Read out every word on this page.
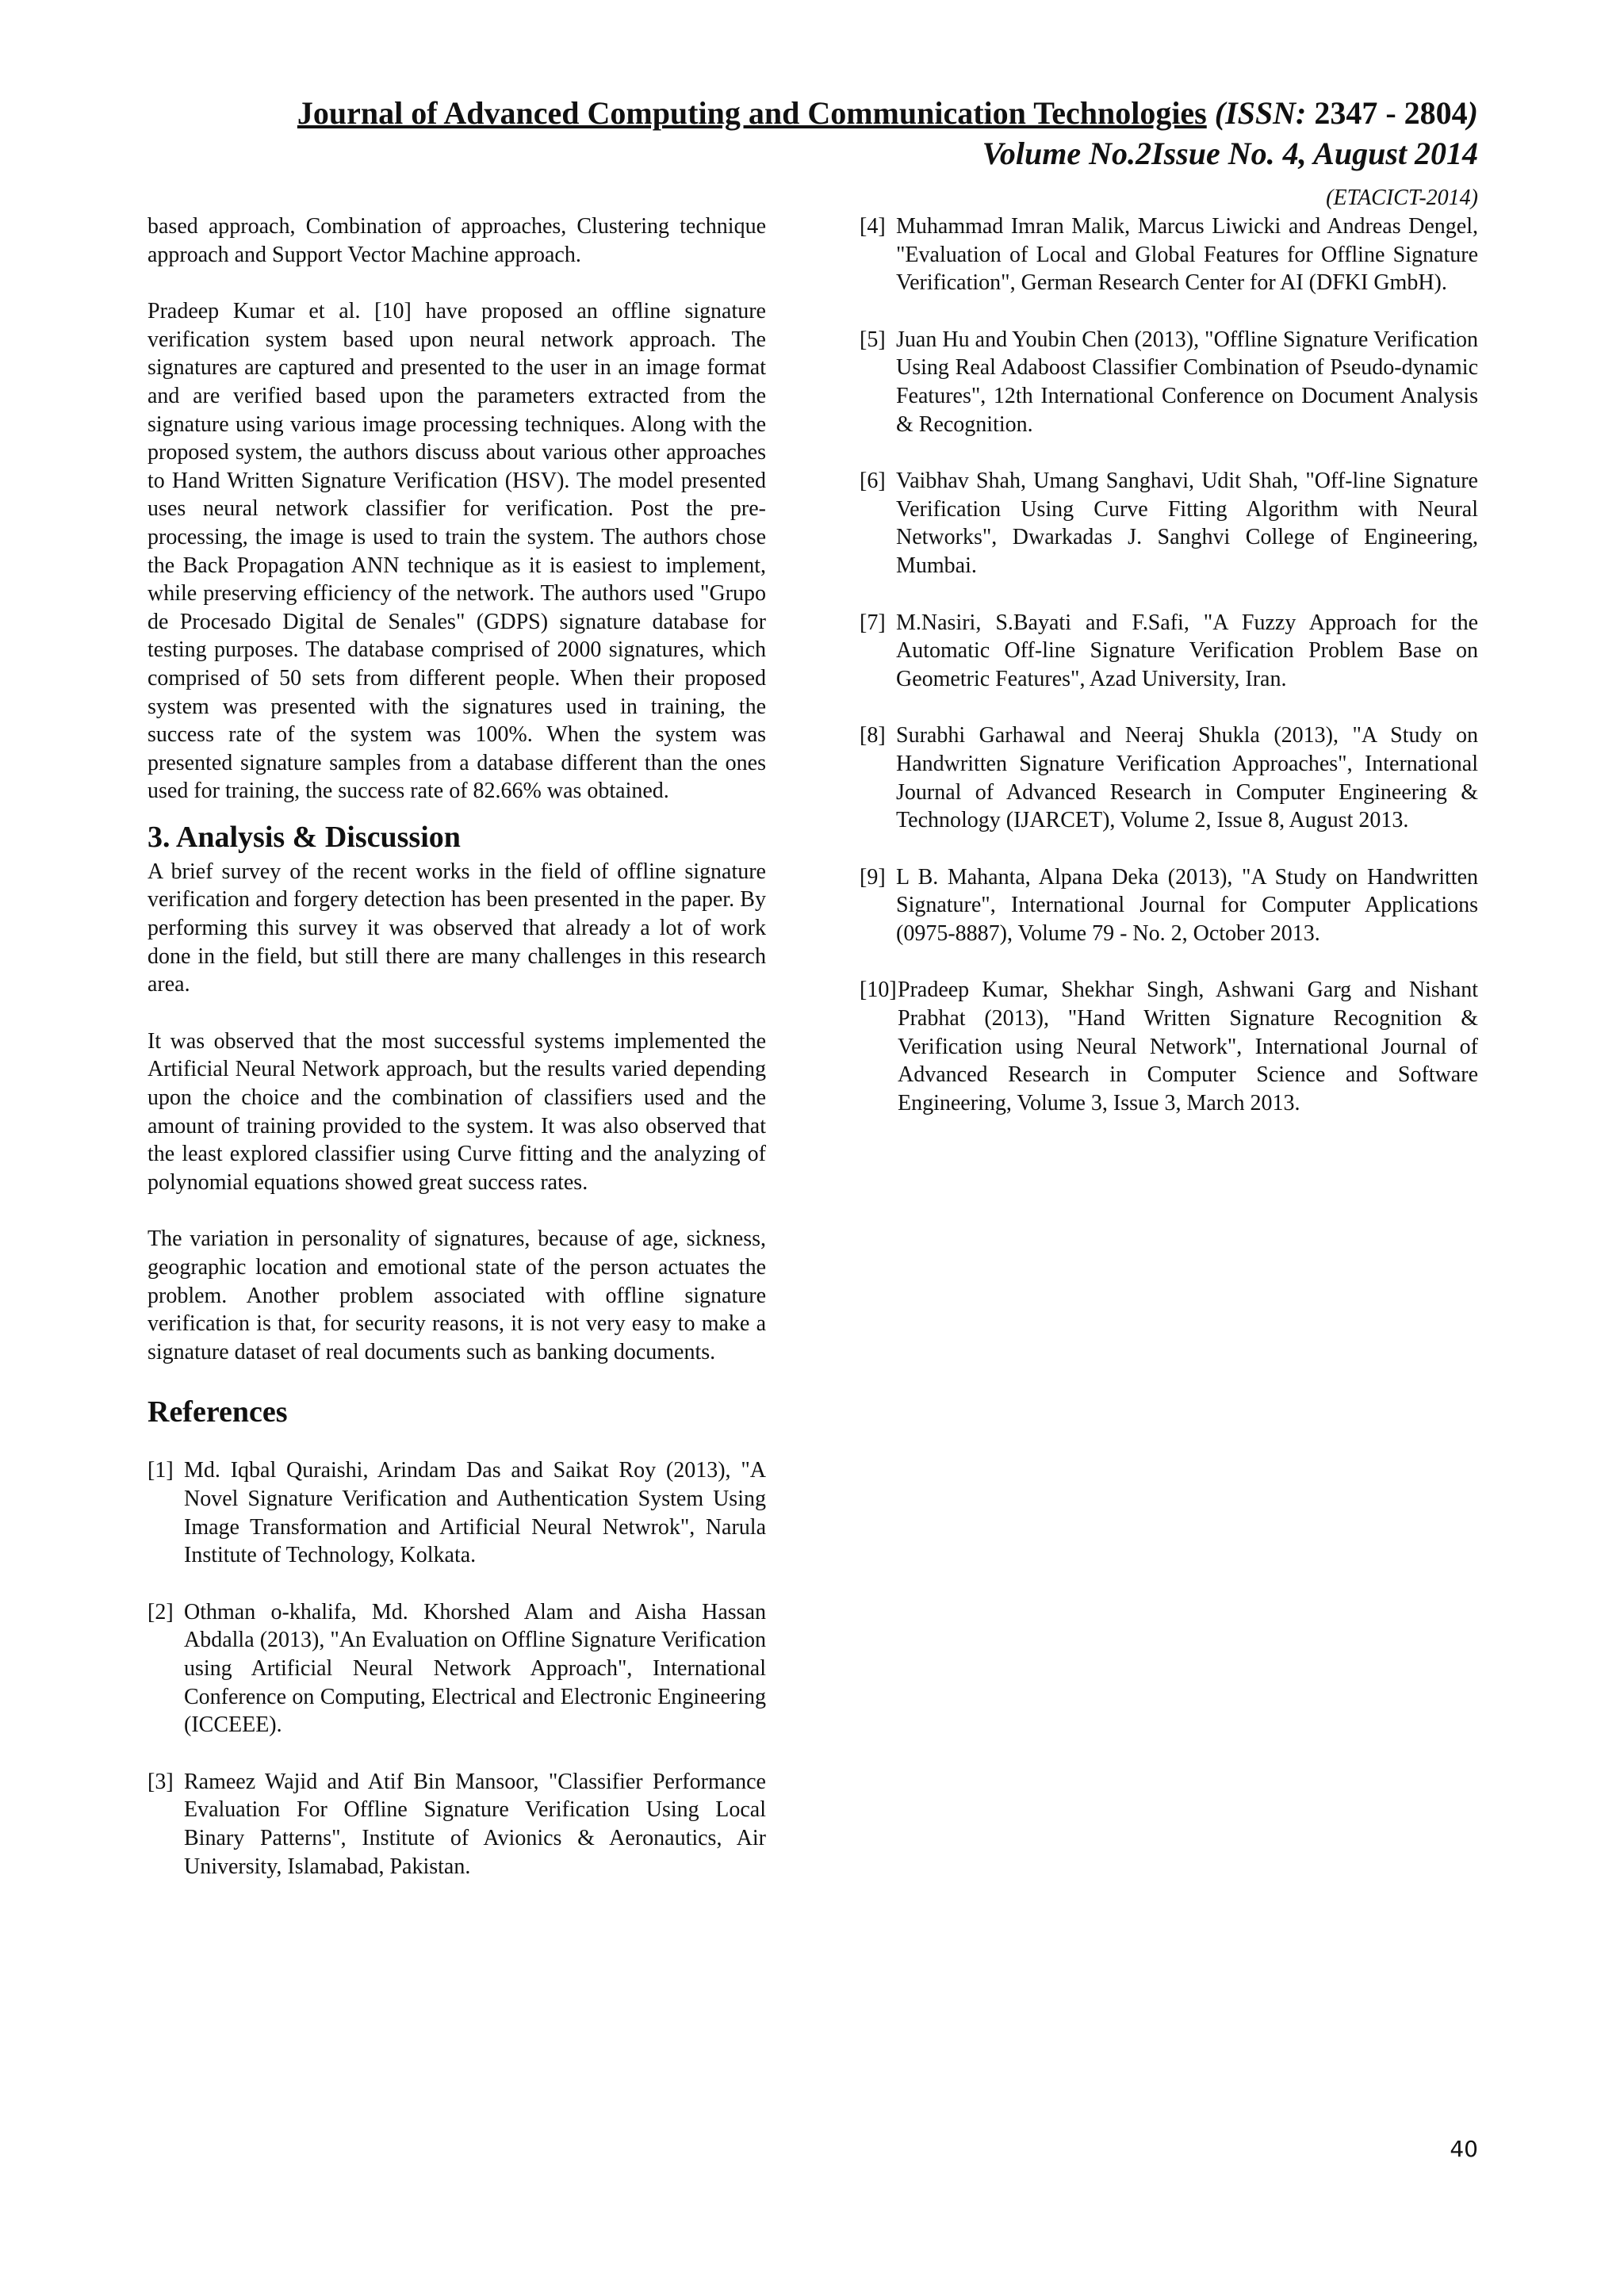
Journal of Advanced Computing and Communication Technologies (ISSN: 2347 - 2804)
Volume No.2Issue No. 4, August 2014
(ETACICT-2014)

based approach, Combination of approaches, Clustering technique approach and Support Vector Machine approach.

Pradeep Kumar et al. [10] have proposed an offline signature verification system based upon neural network approach. The signatures are captured and presented to the user in an image format and are verified based upon the parameters extracted from the signature using various image processing techniques. Along with the proposed system, the authors discuss about various other approaches to Hand Written Signature Verification (HSV). The model presented uses neural network classifier for verification. Post the pre-processing, the image is used to train the system. The authors chose the Back Propagation ANN technique as it is easiest to implement, while preserving efficiency of the network. The authors used "Grupo de Procesado Digital de Senales" (GDPS) signature database for testing purposes. The database comprised of 2000 signatures, which comprised of 50 sets from different people. When their proposed system was presented with the signatures used in training, the success rate of the system was 100%. When the system was presented signature samples from a database different than the ones used for training, the success rate of 82.66% was obtained.

3. Analysis & Discussion

A brief survey of the recent works in the field of offline signature verification and forgery detection has been presented in the paper. By performing this survey it was observed that already a lot of work done in the field, but still there are many challenges in this research area.

It was observed that the most successful systems implemented the Artificial Neural Network approach, but the results varied depending upon the choice and the combination of classifiers used and the amount of training provided to the system. It was also observed that the least explored classifier using Curve fitting and the analyzing of polynomial equations showed great success rates.

The variation in personality of signatures, because of age, sickness, geographic location and emotional state of the person actuates the problem. Another problem associated with offline signature verification is that, for security reasons, it is not very easy to make a signature dataset of real documents such as banking documents.

References
[1] Md. Iqbal Quraishi, Arindam Das and Saikat Roy (2013), "A Novel Signature Verification and Authentication System Using Image Transformation and Artificial Neural Netwrok", Narula Institute of Technology, Kolkata.
[2] Othman o-khalifa, Md. Khorshed Alam and Aisha Hassan Abdalla (2013), "An Evaluation on Offline Signature Verification using Artificial Neural Network Approach", International Conference on Computing, Electrical and Electronic Engineering (ICCEEE).
[3] Rameez Wajid and Atif Bin Mansoor, "Classifier Performance Evaluation For Offline Signature Verification Using Local Binary Patterns", Institute of Avionics & Aeronautics, Air University, Islamabad, Pakistan.
[4] Muhammad Imran Malik, Marcus Liwicki and Andreas Dengel, "Evaluation of Local and Global Features for Offline Signature Verification", German Research Center for AI (DFKI GmbH).
[5] Juan Hu and Youbin Chen (2013), "Offline Signature Verification Using Real Adaboost Classifier Combination of Pseudo-dynamic Features", 12th International Conference on Document Analysis & Recognition.
[6] Vaibhav Shah, Umang Sanghavi, Udit Shah, "Off-line Signature Verification Using Curve Fitting Algorithm with Neural Networks", Dwarkadas J. Sanghvi College of Engineering, Mumbai.
[7] M.Nasiri, S.Bayati and F.Safi, "A Fuzzy Approach for the Automatic Off-line Signature Verification Problem Base on Geometric Features", Azad University, Iran.
[8] Surabhi Garhawal and Neeraj Shukla (2013), "A Study on Handwritten Signature Verification Approaches", International Journal of Advanced Research in Computer Engineering & Technology (IJARCET), Volume 2, Issue 8, August 2013.
[9] L B. Mahanta, Alpana Deka (2013), "A Study on Handwritten Signature", International Journal for Computer Applications (0975-8887), Volume 79 - No. 2, October 2013.
[10] Pradeep Kumar, Shekhar Singh, Ashwani Garg and Nishant Prabhat (2013), "Hand Written Signature Recognition & Verification using Neural Network", International Journal of Advanced Research in Computer Science and Software Engineering, Volume 3, Issue 3, March 2013.
40
